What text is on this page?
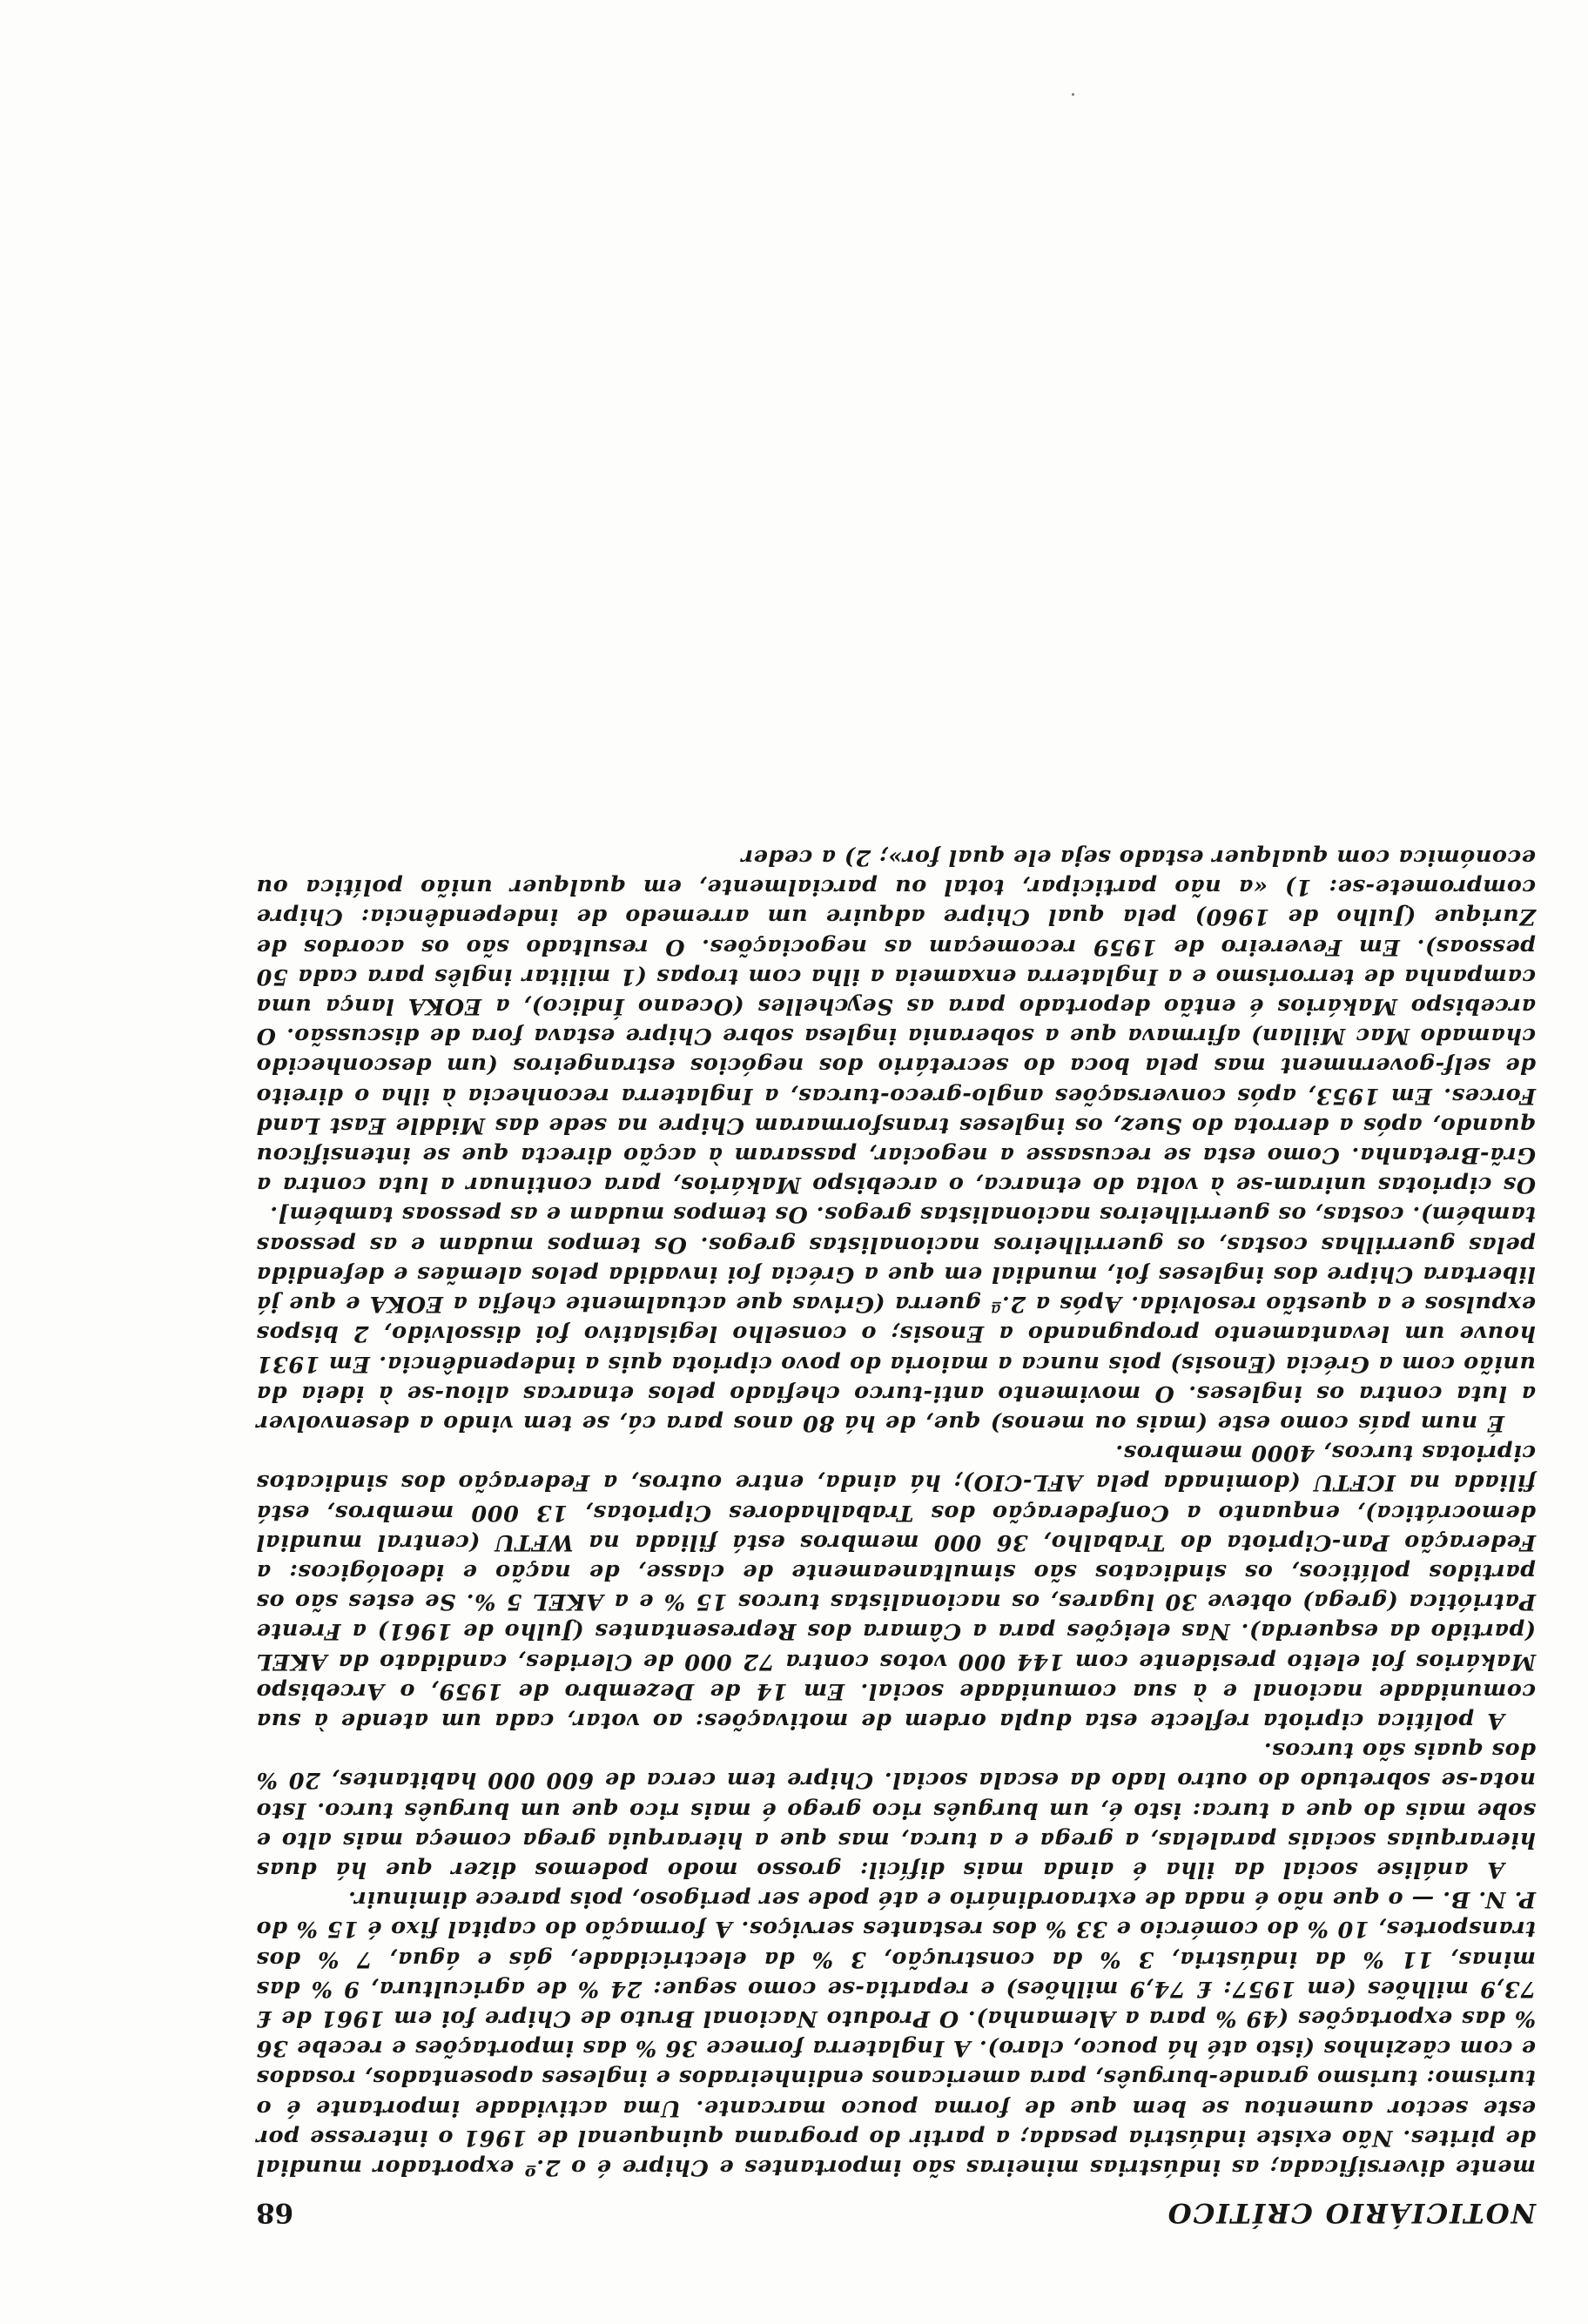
NOTICIÁRIO CRÍTICO
68

mente diversificada; as indústrias mineiras são importantes e Chipre é o 2.º exportador mundial de pirites. Não existe indústria pesada; a partir do programa quinquenal de 1961 o interesse por este sector aumentou se bem que de forma pouco marcante. Uma actividade importante é o turismo: turismo grande-burguês, para americanos endinheirados e ingleses aposentados, rosados e com cãezinhos (isto até há pouco, claro). A Inglaterra fornece 36 % das importações e recebe 36 % das exportações (49 % para a Alemanha). O Produto Nacional Bruto de Chipre foi em 1961 de £ 73,9 milhões (em 1957: £ 74,9 milhões) e repartia-se como segue: 24 % de agricultura, 9 % das minas, 11 % da indústria, 3 % da construção, 3 % da electricidade, gás e água, 7 % dos transportes, 10 % do comércio e 33 % dos restantes serviços. A formação do capital fixo é 15 % do P. N. B. — o que não é nada de extraordinário e até pode ser perigoso, pois parece diminuir.

A análise social da ilha é ainda mais difícil: grosso modo podemos dizer que há duas hierarquias sociais paralelas, a grega e a turca, mas que a hierarquia grega começa mais alto e sobe mais do que a turca: isto é, um burguês rico grego é mais rico que um burguês turco. Isto nota-se sobretudo do outro lado da escala social. Chipre tem cerca de 600 000 habitantes, 20 % dos quais são turcos.

A política cipriota reflecte esta dupla ordem de motivações: ao votar, cada um atende à sua comunidade nacional e à sua comunidade social. Em 14 de Dezembro de 1959, o Arcebispo Makários foi eleito presidente com 144 000 votos contra 72 000 de Clerides, candidato da AKEL (partido da esquerda). Nas eleições para a Câmara dos Representantes (Julho de 1961) a Frente Patriótica (grega) obteve 30 lugares, os nacionalistas turcos 15 % e a AKEL 5 %. Se estes são os partidos políticos, os sindicatos são simultaneamente de classe, de nação e ideológicos: a Federação Pan-Cipriota do Trabalho, 36 000 membros está filiada na WFTU (central mundial democrática), enquanto a Confederação dos Trabalhadores Cipriotas, 13 000 membros, está filiada na ICFTU (dominada pela AFL-CIO); há ainda, entre outros, a Federação dos sindicatos cipriotas turcos, 4000 membros.

É num país como este (mais ou menos) que, de há 80 anos para cá, se tem vindo a desenvolver a luta contra os ingleses. O movimento anti-turco chefiado pelos etnarcas aliou-se à ideia da união com a Grécia (Enosis) pois nunca a maioria do povo cipriota quis a independência. Em 1931 houve um levantamento propugnando a Enosis; o conselho legislativo foi dissolvido, 2 bispos expulsos e a questão resolvida. Após a 2.ª guerra (Grivas que actualmente chefia a EOKA e que já libertara Chipre dos ingleses foi, mundial em que a Grécia foi invadida pelos alemães e defendida pelas guerrilhas costas, os guerrilheiros nacionalistas gregos. Os tempos mudam e as pessoas também). costas, os guerrilheiros nacionalistas gregos. Os tempos mudam e as pessoas também].

Os cipriotas uniram-se à volta do etnarca, o arcebispo Makários, para continuar a luta contra a Grã-Bretanha. Como esta se recusasse a negociar, passaram à acção directa que se intensificou quando, após a derrota do Suez, os ingleses transformaram Chipre na sede das Middle East Land Forces. Em 1953, após conversações anglo-greco-turcas, a Inglaterra reconhecia à ilha o direito de self-government mas pela boca do secretário dos negócios estrangeiros (um desconhecido chamado Mac Millan) afirmava que a soberania inglesa sobre Chipre estava fora de discussão. O arcebispo Makários é então deportado para as Seychelles (Oceano Índico), a EOKA lança uma campanha de terrorismo e a Inglaterra enxameia a ilha com tropas (1 militar inglês para cada 50 pessoas). Em Fevereiro de 1959 recomeçam as negociações. O resultado são os acordos de Zurique (Julho de 1960) pela qual Chipre adquire um arremedo de independência: Chipre compromete-se: 1) «a não participar, total ou parcialmente, em qualquer união política ou económica com qualquer estado seja ele qual for»; 2) a ceder
